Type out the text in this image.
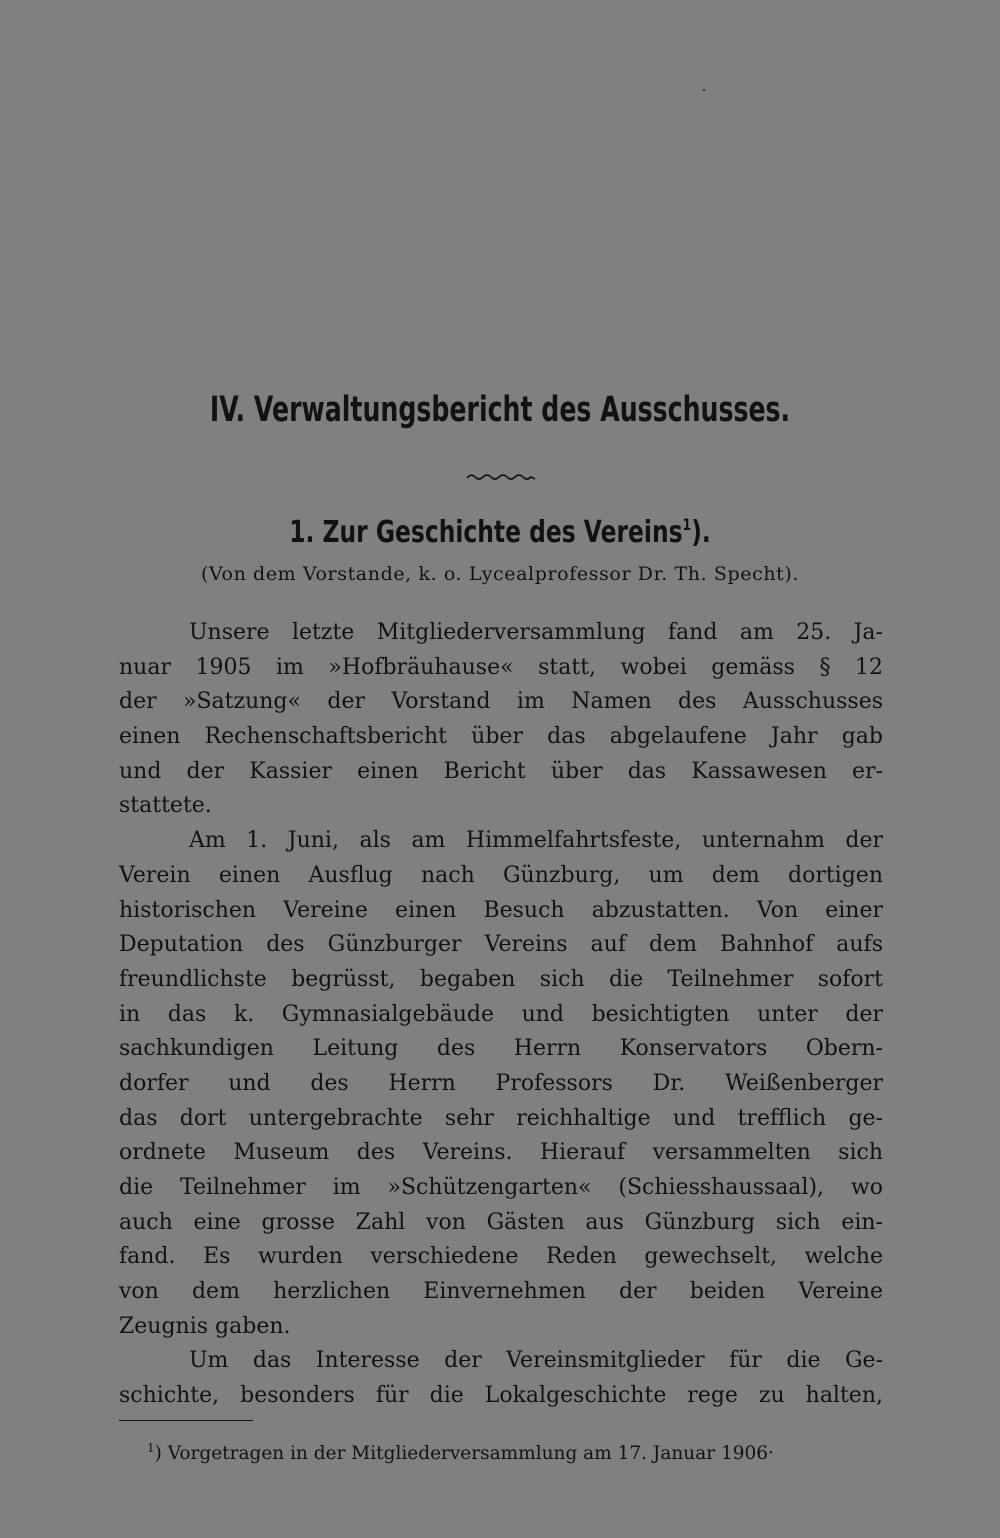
IV. Verwaltungsbericht des Ausschusses.
1. Zur Geschichte des Vereins$^1$).
(Von dem Vorstande, k. o. Lycealprofessor Dr. Th. Specht).
Unsere letzte Mitgliederversammlung fand am 25. Ja-
nuar 1905 im »Hofbräuhause« statt, wobei gemäss § 12
der »Satzung« der Vorstand im Namen des Ausschusses
einen Rechenschaftsbericht über das abgelaufene Jahr gab
und der Kassier einen Bericht über das Kassawesen er-
stattete.
Am 1. Juni, als am Himmelfahrtsfeste, unternahm der
Verein einen Ausflug nach Günzburg, um dem dortigen
historischen Vereine einen Besuch abzustatten. Von einer
Deputation des Günzburger Vereins auf dem Bahnhof aufs
freundlichste begrüsst, begaben sich die Teilnehmer sofort
in das k. Gymnasialgebäude und besichtigten unter der
sachkundigen Leitung des Herrn Konservators Obern-
dorfer und des Herrn Professors Dr. Weißenberger
das dort untergebrachte sehr reichhaltige und trefflich ge-
ordnete Museum des Vereins. Hierauf versammelten sich
die Teilnehmer im »Schützengarten« (Schiesshaussaal), wo
auch eine grosse Zahl von Gästen aus Günzburg sich ein-
fand. Es wurden verschiedene Reden gewechselt, welche
von dem herzlichen Einvernehmen der beiden Vereine
Zeugnis gaben.
Um das Interesse der Vereinsmitglieder für die Ge-
schichte, besonders für die Lokalgeschichte rege zu halten,
$^1$) Vorgetragen in der Mitgliederversammlung am 17. Januar 1906·
